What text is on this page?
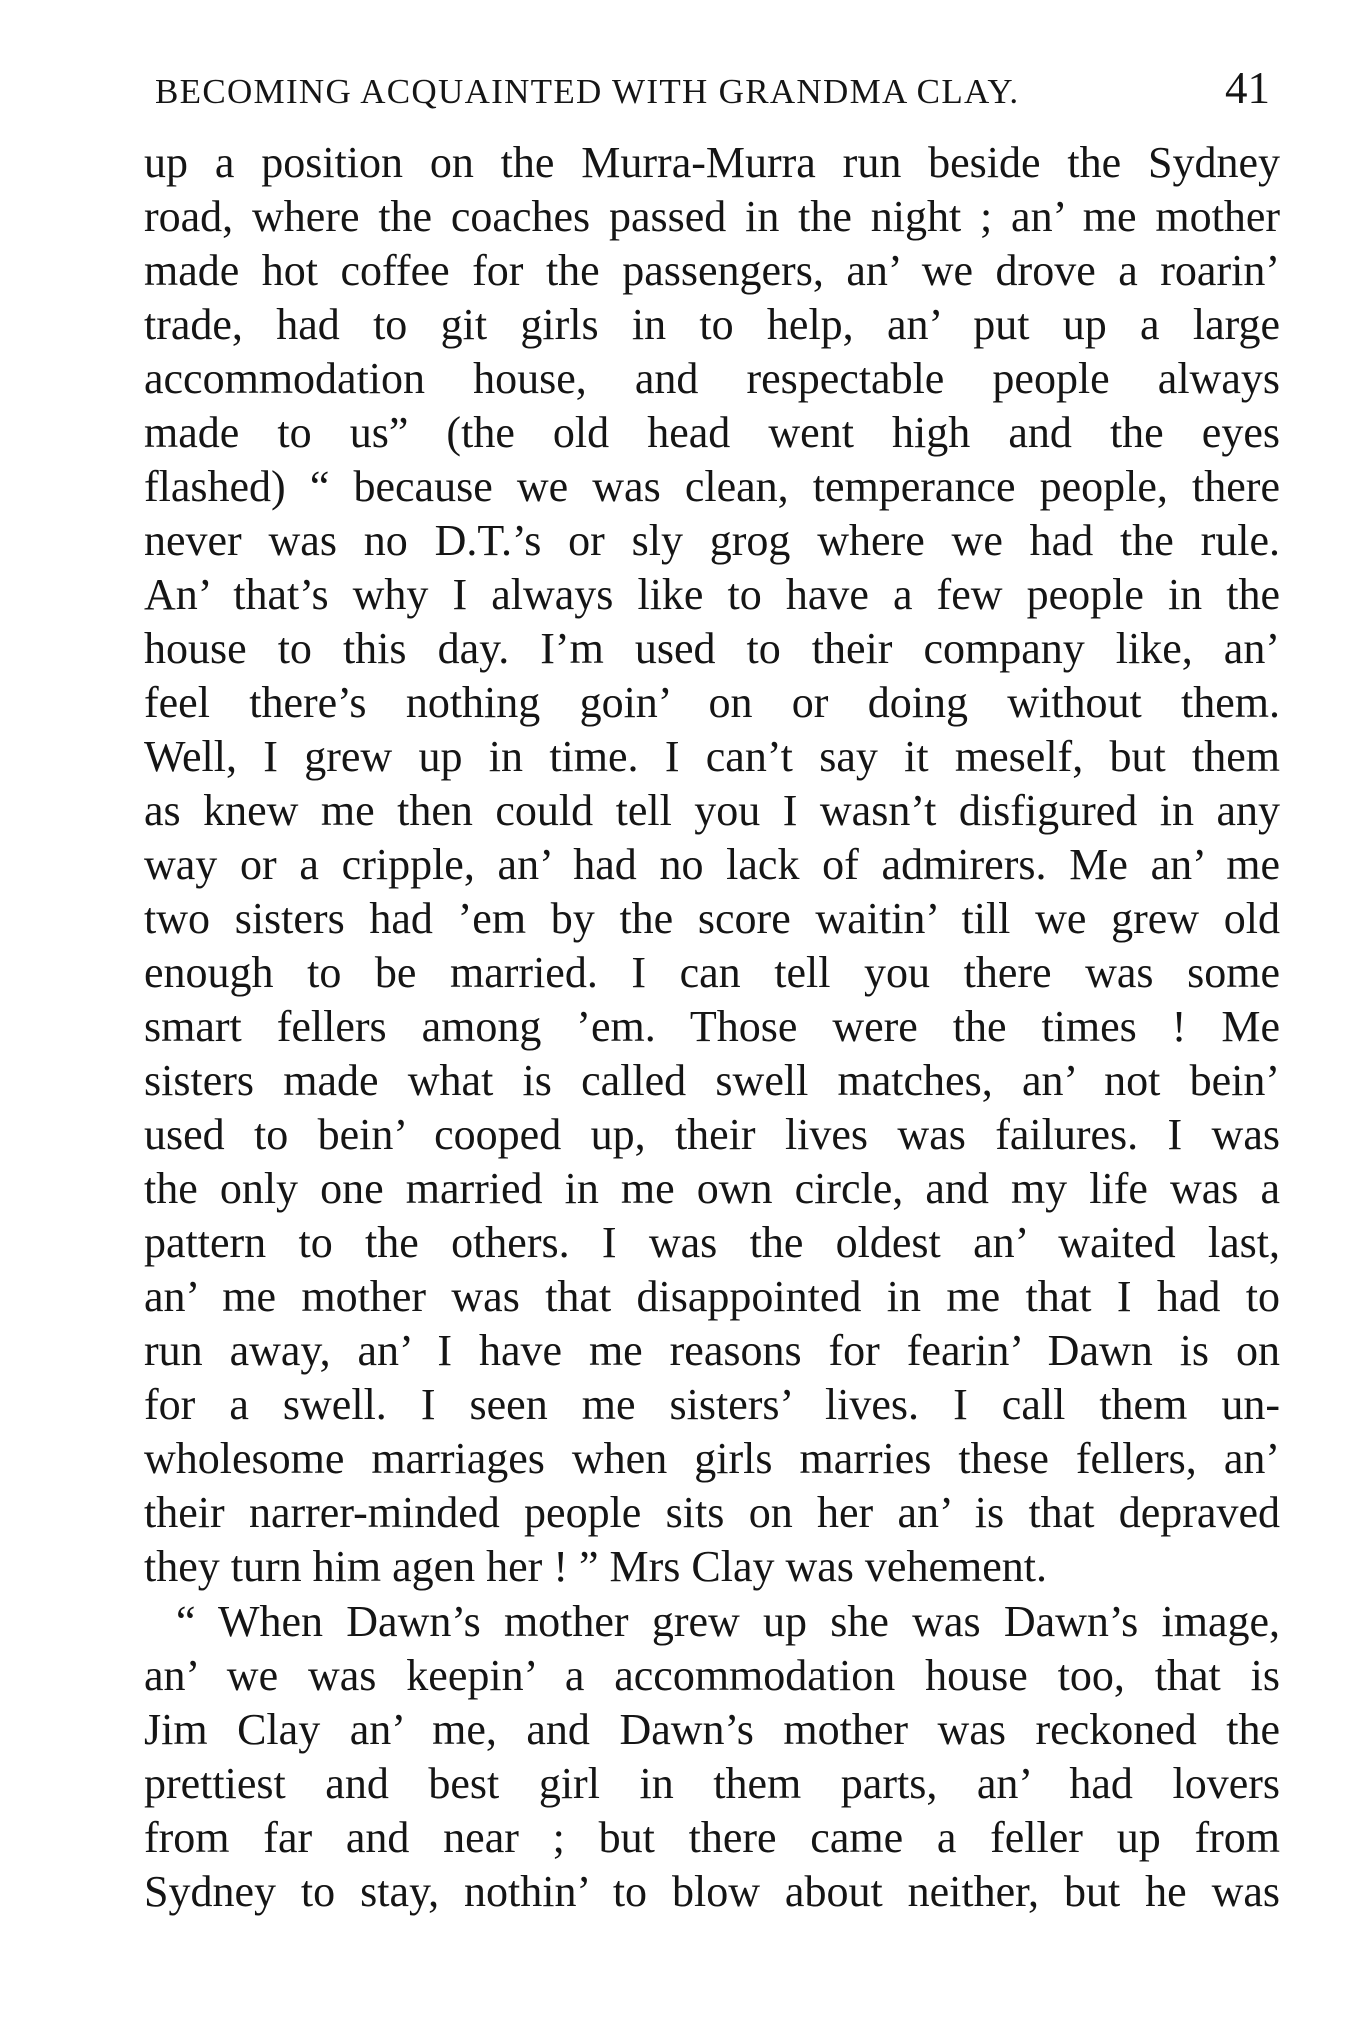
BECOMING ACQUAINTED WITH GRANDMA CLAY.	41
up a position on the Murra-Murra run beside the Sydney
road, where the coaches passed in the night ; an’ me mother
made hot coffee for the passengers, an’ we drove a roarin’
trade, had to git girls in to help, an’ put up a large
accommodation house, and respectable people always
made to us” (the old head went high and the eyes
flashed) “ because we was clean, temperance people, there
never was no D.T.’s or sly grog where we had the rule.
An’ that’s why I always like to have a few people in the
house to this day. I’m used to their company like, an’
feel there’s nothing goin’ on or doing without them.
Well, I grew up in time. I can’t say it meself, but them
as knew me then could tell you I wasn’t disfigured in any
way or a cripple, an’ had no lack of admirers. Me an’ me
two sisters had ’em by the score waitin’ till we grew old
enough to be married. I can tell you there was some
smart fellers among ’em. Those were the times ! Me
sisters made what is called swell matches, an’ not bein’
used to bein’ cooped up, their lives was failures. I was
the only one married in me own circle, and my life was a
pattern to the others. I was the oldest an’ waited last,
an’ me mother was that disappointed in me that I had to
run away, an’ I have me reasons for fearin’ Dawn is on
for a swell. I seen me sisters’ lives. I call them un-
wholesome marriages when girls marries these fellers, an’
their narrer-minded people sits on her an’ is that depraved
they turn him agen her ! ” Mrs Clay was vehement.
“ When Dawn’s mother grew up she was Dawn’s image,
an’ we was keepin’ a accommodation house too, that is
Jim Clay an’ me, and Dawn’s mother was reckoned the
prettiest and best girl in them parts, an’ had lovers
from far and near ; but there came a feller up from
Sydney to stay, nothin’ to blow about neither, but he was
